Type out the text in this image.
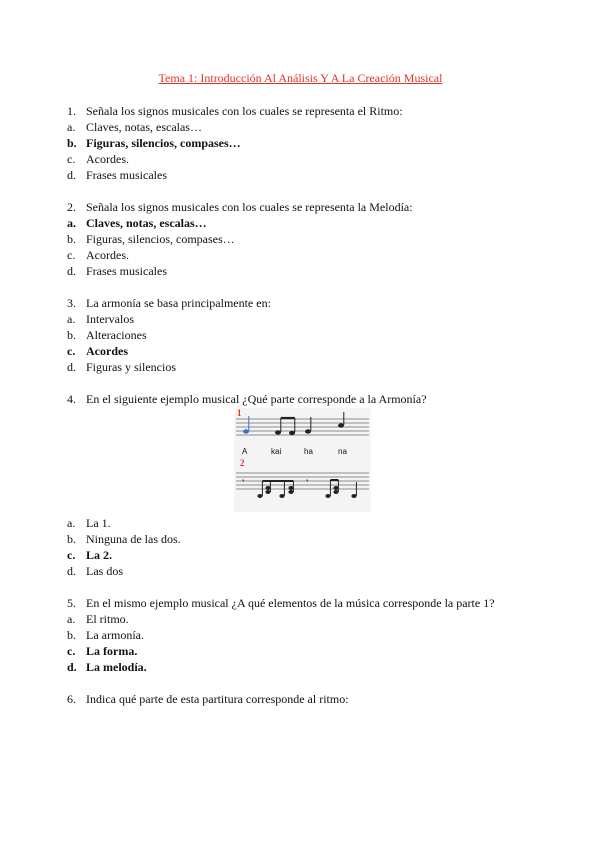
Tema 1: Introducción Al Análisis Y A La Creación Musical
1. Señala los signos musicales con los cuales se representa el Ritmo:
a. Claves, notas, escalas…
b. Figuras, silencios, compases…
c. Acordes.
d. Frases musicales
2. Señala los signos musicales con los cuales se representa la Melodía:
a. Claves, notas, escalas…
b. Figuras, silencios, compases…
c. Acordes.
d. Frases musicales
3. La armonía se basa principalmente en:
a. Intervalos
b. Alteraciones
c. Acordes
d. Figuras y silencios
4. En el siguiente ejemplo musical ¿Qué parte corresponde a la Armonía?
1
A	kai	ha	na
2
𝄾	𝄾
a. La 1.
b. Ninguna de las dos.
c. La 2.
d. Las dos
5. En el mismo ejemplo musical ¿A qué elementos de la música corresponde la parte 1?
a. El ritmo.
b. La armonía.
c. La forma.
d. La melodía.
6. Indica qué parte de esta partitura corresponde al ritmo:
